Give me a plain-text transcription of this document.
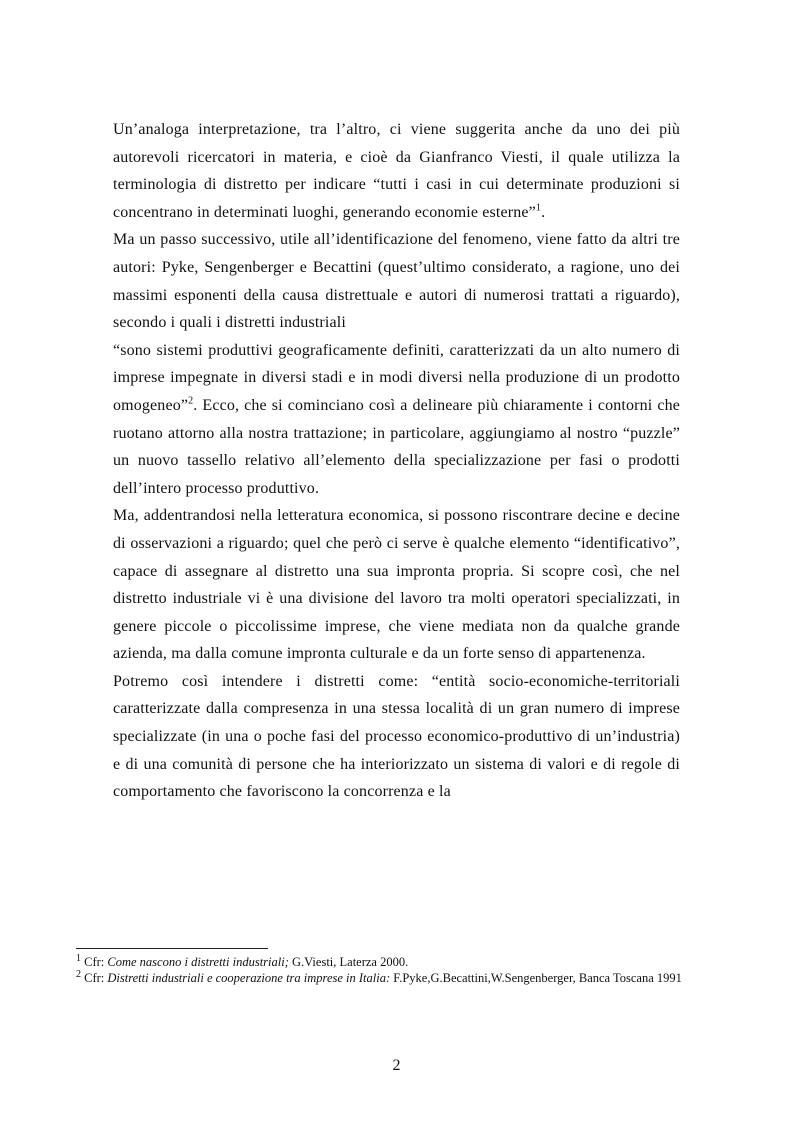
Un’analoga interpretazione, tra l’altro, ci viene suggerita anche da uno dei più autorevoli ricercatori in materia, e cioè da Gianfranco Viesti, il quale utilizza la terminologia di distretto per indicare “tutti i casi in cui determinate produzioni si concentrano in determinati luoghi, generando economie esterne”$^1$.

Ma un passo successivo, utile all’identificazione del fenomeno, viene fatto da altri tre autori: Pyke, Sengenberger e Becattini (quest’ultimo considerato, a ragione, uno dei massimi esponenti della causa distrettuale e autori di numerosi trattati a riguardo), secondo i quali i distretti industriali

“sono sistemi produttivi geograficamente definiti, caratterizzati da un alto numero di imprese impegnate in diversi stadi e in modi diversi nella produzione di un prodotto omogeneo”$^2$. Ecco, che si cominciano così a delineare più chiaramente i contorni che ruotano attorno alla nostra trattazione; in particolare, aggiungiamo al nostro “puzzle” un nuovo tassello relativo all’elemento della specializzazione per fasi o prodotti dell’intero processo produttivo.

Ma, addentrandosi nella letteratura economica, si possono riscontrare decine e decine di osservazioni a riguardo; quel che però ci serve è qualche elemento “identificativo”, capace di assegnare al distretto una sua impronta propria. Si scopre così, che nel distretto industriale vi è una divisione del lavoro tra molti operatori specializzati, in genere piccole o piccolissime imprese, che viene mediata non da qualche grande azienda, ma dalla comune impronta culturale e da un forte senso di appartenenza.

Potremo così intendere i distretti come: “entità socio-economiche-territoriali caratterizzate dalla compresenza in una stessa località di un gran numero di imprese specializzate (in una o poche fasi del processo economico-produttivo di un’industria) e di una comunità di persone che ha interiorizzato un sistema di valori e di regole di comportamento che favoriscono la concorrenza e la

$^1$ Cfr: Come nascono i distretti industriali; G.Viesti, Laterza 2000.

$^2$ Cfr: Distretti industriali e cooperazione tra imprese in Italia: F.Pyke,G.Becattini,W.Sengenberger, Banca Toscana 1991

2
